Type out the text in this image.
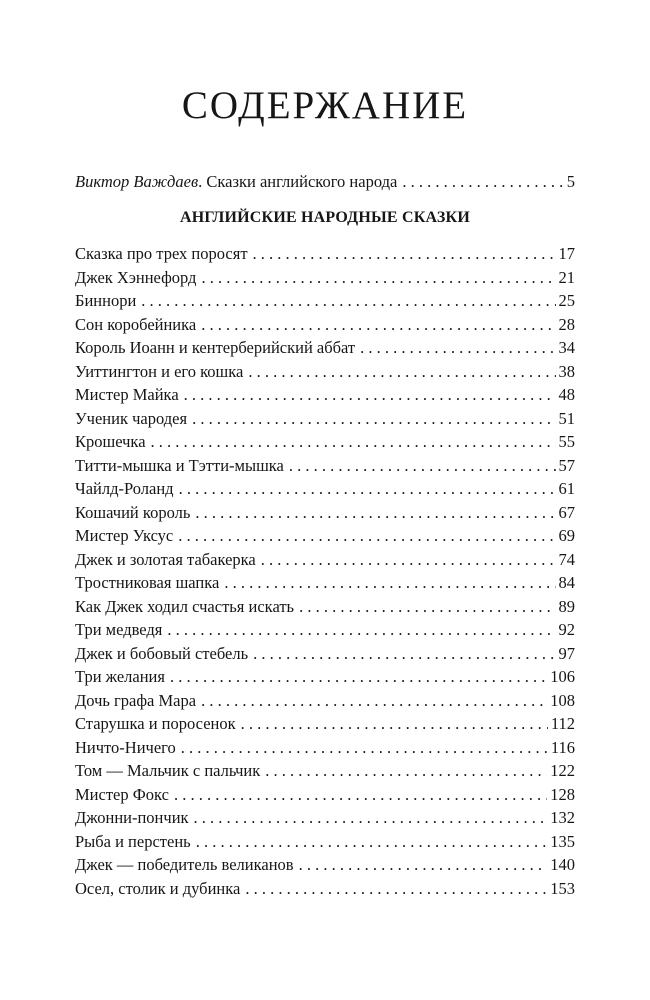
СОДЕРЖАНИЕ
Виктор Важдаев. Сказки английского народа . . .	5
АНГЛИЙСКИЕ НАРОДНЫЕ СКАЗКИ
Сказка про трех поросят . . .	17
Джек Хэннефорд . . .	21
Биннори . . .	25
Сон коробейника . . .	28
Король Иоанн и кентерберийский аббат . . .	34
Уиттингтон и его кошка . . .	38
Мистер Майка . . .	48
Ученик чародея . . .	51
Крошечка . . .	55
Титти-мышка и Тэтти-мышка . . .	57
Чайлд-Роланд . . .	61
Кошачий король . . .	67
Мистер Уксус . . .	69
Джек и золотая табакерка . . .	74
Тростниковая шапка . . .	84
Как Джек ходил счастья искать . . .	89
Три медведя . . .	92
Джек и бобовый стебель . . .	97
Три желания . . .	106
Дочь графа Мара . . .	108
Старушка и поросенок . . .	112
Ничто-Ничего . . .	116
Том — Мальчик с пальчик . . .	122
Мистер Фокс . . .	128
Джонни-пончик . . .	132
Рыба и перстень . . .	135
Джек — победитель великанов . . .	140
Осел, столик и дубинка . . .	153
